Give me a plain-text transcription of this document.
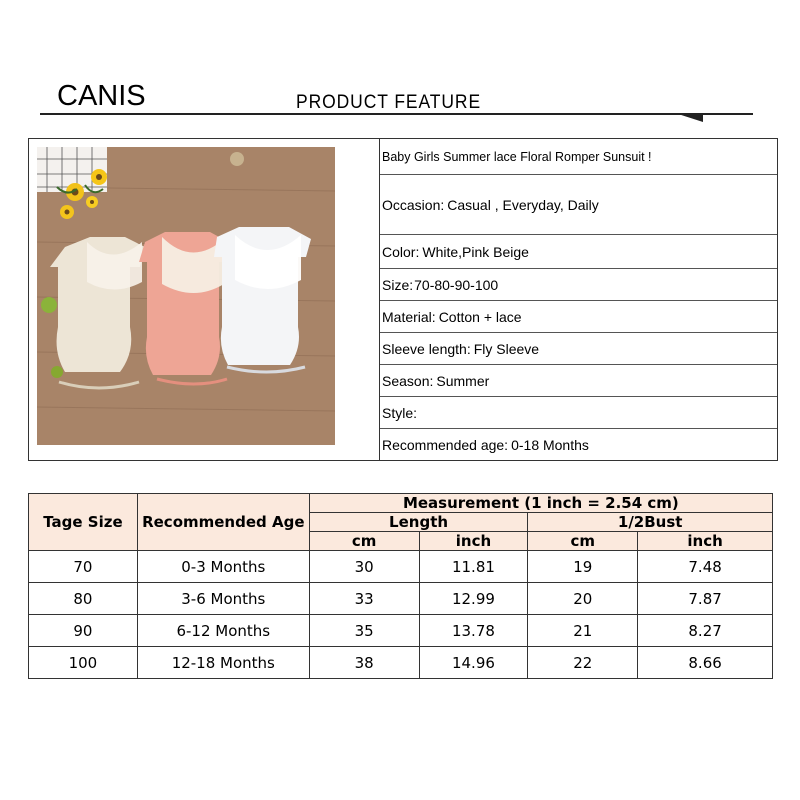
CANIS	PRODUCT FEATURE
Baby Girls Summer lace Floral Romper Sunsuit !
Occasion: Casual , Everyday, Daily
Color: White,Pink Beige
Size: 70-80-90-100
Material: Cotton + lace
Sleeve length: Fly Sleeve
Season: Summer
Style:
Recommended age: 0-18 Months
Tage Size	Recommended Age	Measurement (1 inch = 2.54 cm)			
		Length		1/2Bust	
		cm	inch	cm	inch
70	0-3 Months	30	11.81	19	7.48
80	3-6 Months	33	12.99	20	7.87
90	6-12 Months	35	13.78	21	8.27
100	12-18 Months	38	14.96	22	8.66
